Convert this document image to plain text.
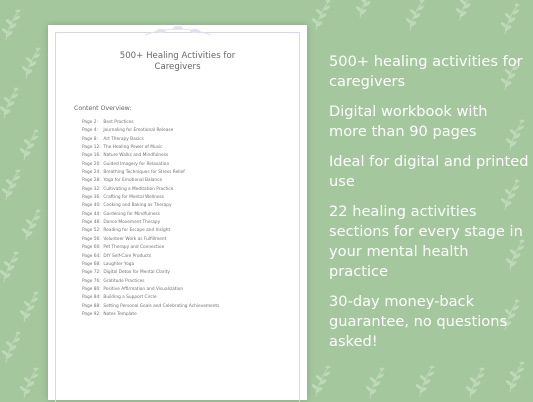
500+ Healing Activities for Caregivers
Content Overview:
Page 2: Best Practices
Page 4: Journaling for Emotional Release
Page 8: Art Therapy Basics
Page 12: The Healing Power of Music
Page 16: Nature Walks and Mindfulness
Page 20: Guided Imagery for Relaxation
Page 24: Breathing Techniques for Stress Relief
Page 28: Yoga for Emotional Balance
Page 32: Cultivating a Meditation Practice
Page 36: Crafting for Mental Wellness
Page 40: Cooking and Baking as Therapy
Page 44: Gardening for Mindfulness
Page 48: Dance Movement Therapy
Page 52: Reading for Escape and Insight
Page 56: Volunteer Work as Fulfillment
Page 60: Pet Therapy and Connection
Page 64: DIY Self-Care Products
Page 68: Laughter Yoga
Page 72: Digital Detox for Mental Clarity
Page 76: Gratitude Practices
Page 80: Positive Affirmation and Visualization
Page 84: Building a Support Circle
Page 88: Setting Personal Goals and Celebrating Achievements
Page 92: Notes Template
500+ healing activities for caregivers
Digital workbook with more than 90 pages
Ideal for digital and printed use
22 healing activities sections for every stage in your mental health practice
30-day money-back guarantee, no questions asked!
